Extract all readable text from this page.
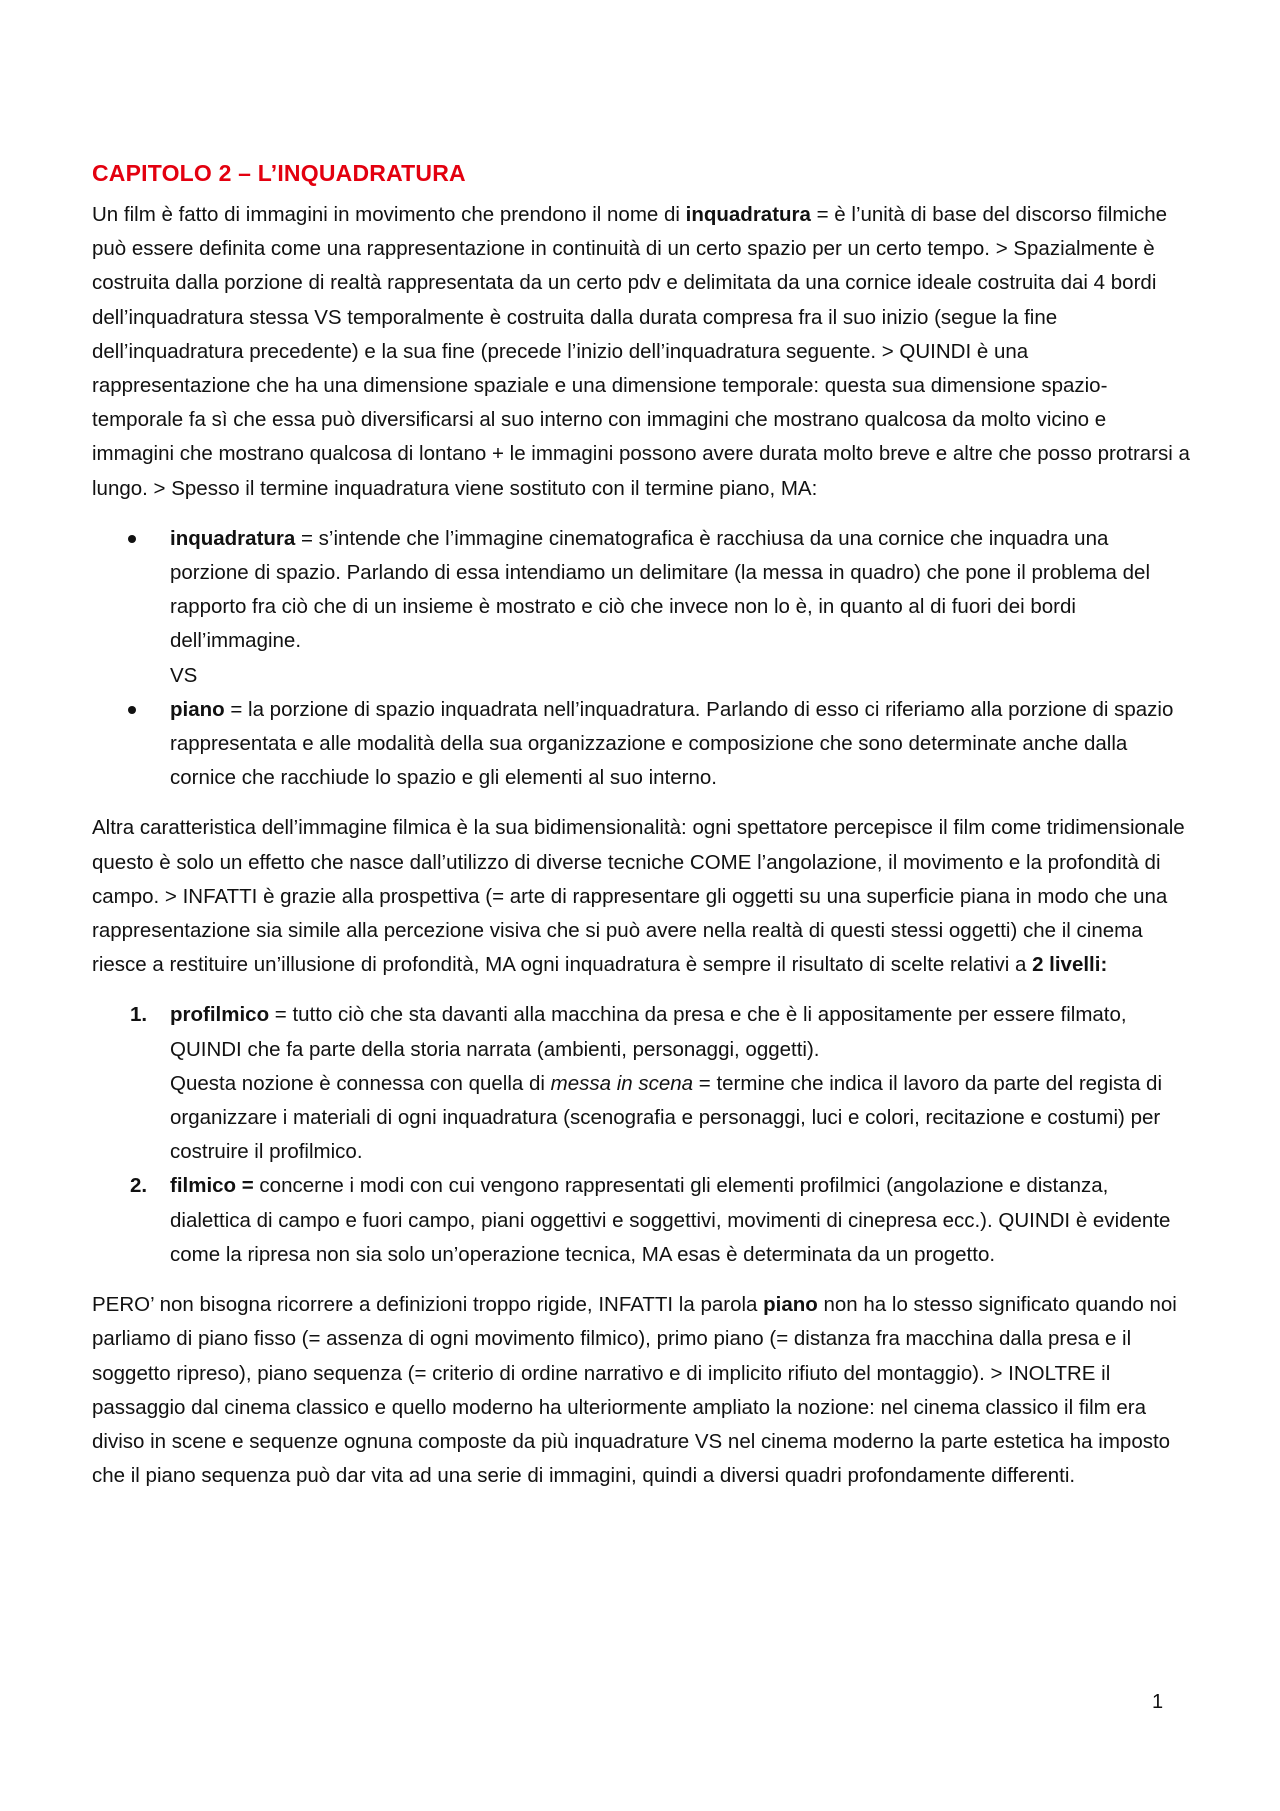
CAPITOLO 2 – L’INQUADRATURA

Un film è fatto di immagini in movimento che prendono il nome di inquadratura = è l’unità di base del discorso filmiche può essere definita come una rappresentazione in continuità di un certo spazio per un certo tempo. > Spazialmente è costruita dalla porzione di realtà rappresentata da un certo pdv e delimitata da una cornice ideale costruita dai 4 bordi dell’inquadratura stessa VS temporalmente è costruita dalla durata compresa fra il suo inizio (segue la fine dell’inquadratura precedente) e la sua fine (precede l’inizio dell’inquadratura seguente. > QUINDI è una rappresentazione che ha una dimensione spaziale e una dimensione temporale: questa sua dimensione spazio-temporale fa sì che essa può diversificarsi al suo interno con immagini che mostrano qualcosa da molto vicino e immagini che mostrano qualcosa di lontano + le immagini possono avere durata molto breve e altre che posso protrarsi a lungo. > Spesso il termine inquadratura viene sostituto con il termine piano, MA:

inquadratura = s’intende che l’immagine cinematografica è racchiusa da una cornice che inquadra una porzione di spazio. Parlando di essa intendiamo un delimitare (la messa in quadro) che pone il problema del rapporto fra ciò che di un insieme è mostrato e ciò che invece non lo è, in quanto al di fuori dei bordi dell’immagine.
VS
piano = la porzione di spazio inquadrata nell’inquadratura. Parlando di esso ci riferiamo alla porzione di spazio rappresentata e alle modalità della sua organizzazione e composizione che sono determinate anche dalla cornice che racchiude lo spazio e gli elementi al suo interno.

Altra caratteristica dell’immagine filmica è la sua bidimensionalità: ogni spettatore percepisce il film come tridimensionale questo è solo un effetto che nasce dall’utilizzo di diverse tecniche COME l’angolazione, il movimento e la profondità di campo. > INFATTI è grazie alla prospettiva (= arte di rappresentare gli oggetti su una superficie piana in modo che una rappresentazione sia simile alla percezione visiva che si può avere nella realtà di questi stessi oggetti) che il cinema riesce a restituire un’illusione di profondità, MA ogni inquadratura è sempre il risultato di scelte relativi a 2 livelli:

1. profilmico = tutto ciò che sta davanti alla macchina da presa e che è li appositamente per essere filmato, QUINDI che fa parte della storia narrata (ambienti, personaggi, oggetti).
Questa nozione è connessa con quella di messa in scena = termine che indica il lavoro da parte del regista di organizzare i materiali di ogni inquadratura (scenografia e personaggi, luci e colori, recitazione e costumi) per costruire il profilmico.
2. filmico = concerne i modi con cui vengono rappresentati gli elementi profilmici (angolazione e distanza, dialettica di campo e fuori campo, piani oggettivi e soggettivi, movimenti di cinepresa ecc.). QUINDI è evidente come la ripresa non sia solo un’operazione tecnica, MA esas è determinata da un progetto.

PERO’ non bisogna ricorrere a definizioni troppo rigide, INFATTI la parola piano non ha lo stesso significato quando noi parliamo di piano fisso (= assenza di ogni movimento filmico), primo piano (= distanza fra macchina dalla presa e il soggetto ripreso), piano sequenza (= criterio di ordine narrativo e di implicito rifiuto del montaggio). > INOLTRE il passaggio dal cinema classico e quello moderno ha ulteriormente ampliato la nozione: nel cinema classico il film era diviso in scene e sequenze ognuna composte da più inquadrature VS nel cinema moderno la parte estetica ha imposto che il piano sequenza può dar vita ad una serie di immagini, quindi a diversi quadri profondamente differenti.

1
